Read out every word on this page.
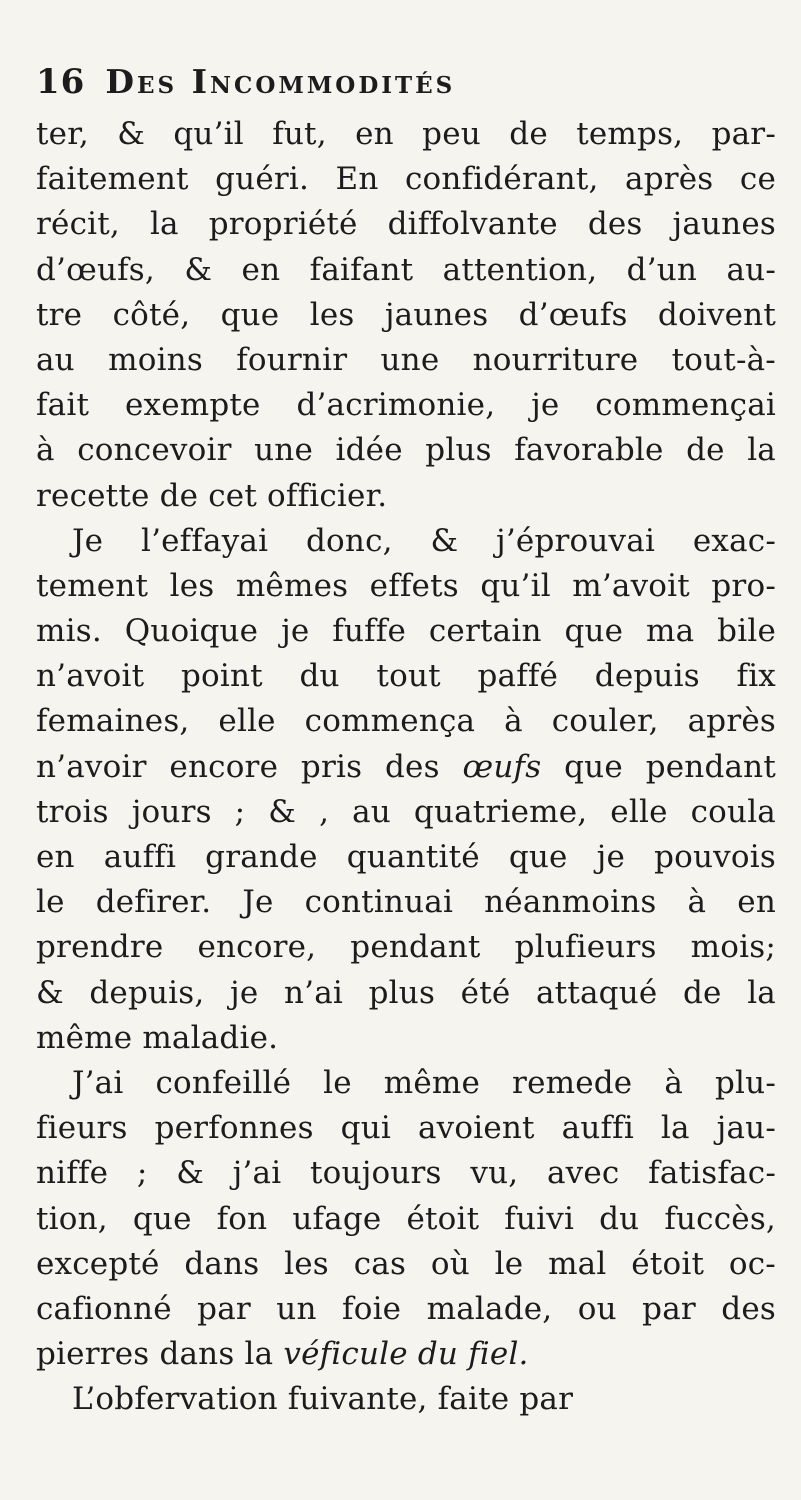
16 Des Incommodités
ter, & qu’il fut, en peu de temps, par-
faitement guéri. En confidérant, après ce
récit, la propriété diffolvante des jaunes
d’œufs, & en faifant attention, d’un au-
tre côté, que les jaunes d’œufs doivent
au moins fournir une nourriture tout-à-
fait exempte d’acrimonie, je commençai
à concevoir une idée plus favorable de la
recette de cet officier.
Je l’effayai donc, & j’éprouvai exac-
tement les mêmes effets qu’il m’avoit pro-
mis. Quoique je fuffe certain que ma bile
n’avoit point du tout paffé depuis fix
femaines, elle commença à couler, après
n’avoir encore pris des œufs que pendant
trois jours ; & , au quatrieme, elle coula
en auffi grande quantité que je pouvois
le defirer. Je continuai néanmoins à en
prendre encore, pendant plufieurs mois;
& depuis, je n’ai plus été attaqué de la
même maladie.
J’ai confeillé le même remede à plu-
fieurs perfonnes qui avoient auffi la jau-
niffe ; & j’ai toujours vu, avec fatisfac-
tion, que fon ufage étoit fuivi du fuccès,
excepté dans les cas où le mal étoit oc-
cafionné par un foie malade, ou par des
pierres dans la véficule du fiel.
L’obfervation fuivante, faite par
